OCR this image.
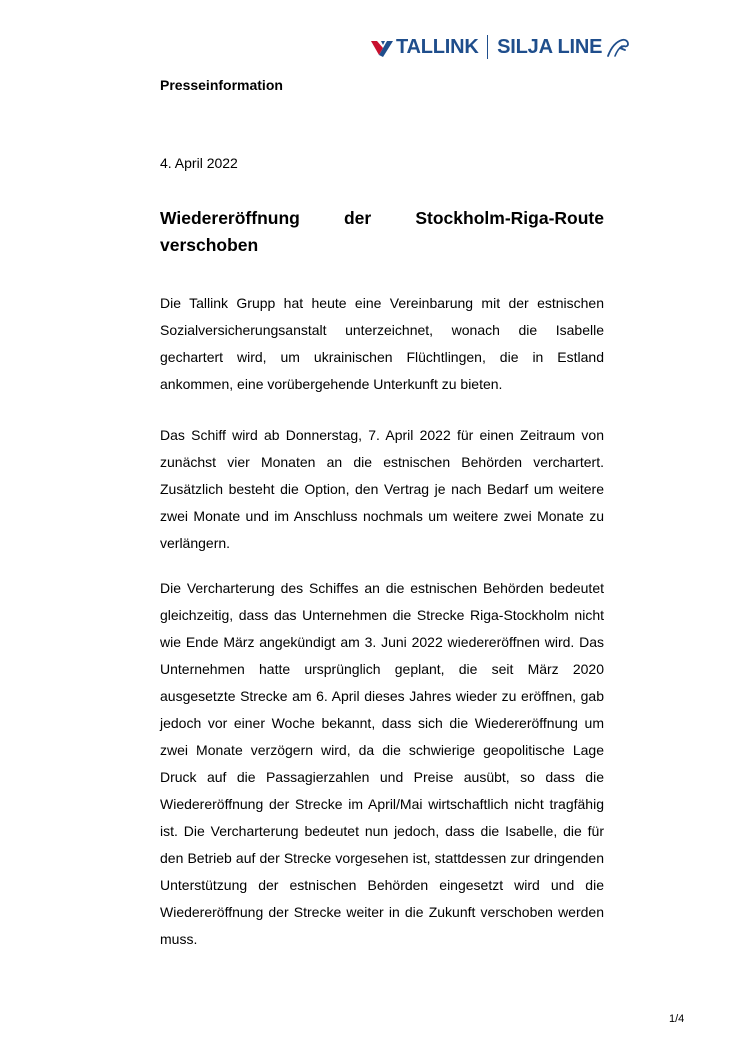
TALLINK SILJA LINE
Presseinformation
4. April 2022
Wiedereröffnung der Stockholm-Riga-Route
verschoben

Die Tallink Grupp hat heute eine Vereinbarung mit der estnischen Sozialversicherungsanstalt unterzeichnet, wonach die Isabelle gechartert wird, um ukrainischen Flüchtlingen, die in Estland ankommen, eine vorübergehende Unterkunft zu bieten.

Das Schiff wird ab Donnerstag, 7. April 2022 für einen Zeitraum von zunächst vier Monaten an die estnischen Behörden verchartert. Zusätzlich besteht die Option, den Vertrag je nach Bedarf um weitere zwei Monate und im Anschluss nochmals um weitere zwei Monate zu verlängern.

Die Vercharterung des Schiffes an die estnischen Behörden bedeutet gleichzeitig, dass das Unternehmen die Strecke Riga-Stockholm nicht wie Ende März angekündigt am 3. Juni 2022 wiedereröffnen wird. Das Unternehmen hatte ursprünglich geplant, die seit März 2020 ausgesetzte Strecke am 6. April dieses Jahres wieder zu eröffnen, gab jedoch vor einer Woche bekannt, dass sich die Wiedereröffnung um zwei Monate verzögern wird, da die schwierige geopolitische Lage Druck auf die Passagierzahlen und Preise ausübt, so dass die Wiedereröffnung der Strecke im April/Mai wirtschaftlich nicht tragfähig ist. Die Vercharterung bedeutet nun jedoch, dass die Isabelle, die für den Betrieb auf der Strecke vorgesehen ist, stattdessen zur dringenden Unterstützung der estnischen Behörden eingesetzt wird und die Wiedereröffnung der Strecke weiter in die Zukunft verschoben werden muss.

1/4
